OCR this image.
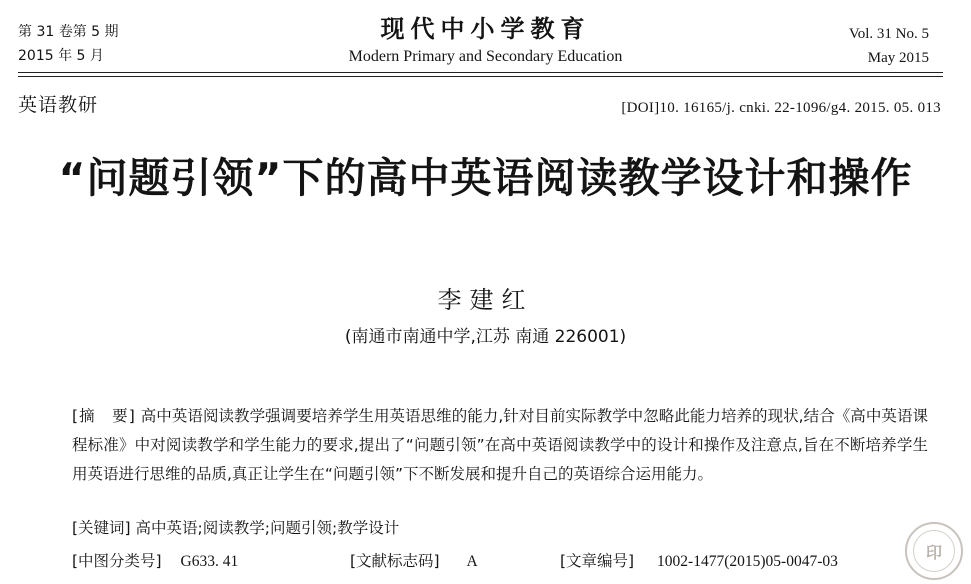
第 31 卷第 5 期
2015 年 5 月
现代中小学教育
Modern Primary and Secondary Education
Vol. 31 No. 5
May 2015
英语教研	[DOI]10. 16165/j. cnki. 22-1096/g4. 2015. 05. 013
“问题引领”下的高中英语阅读教学设计和操作
李建红
(南通市南通中学,江苏 南通 226001)
[摘　要] 高中英语阅读教学强调要培养学生用英语思维的能力,针对目前实际教学中忽略此能力培养的现状,结合《高中英语课程标准》中对阅读教学和学生能力的要求,提出了“问题引领”在高中英语阅读教学中的设计和操作及注意点,旨在不断培养学生用英语进行思维的品质,真正让学生在“问题引领”下不断发展和提升自己的英语综合运用能力。
[关键词] 高中英语;阅读教学;问题引领;教学设计
[中图分类号] G633. 41	[文献标志码] A	[文章编号] 1002-1477(2015)05-0047-03	印
